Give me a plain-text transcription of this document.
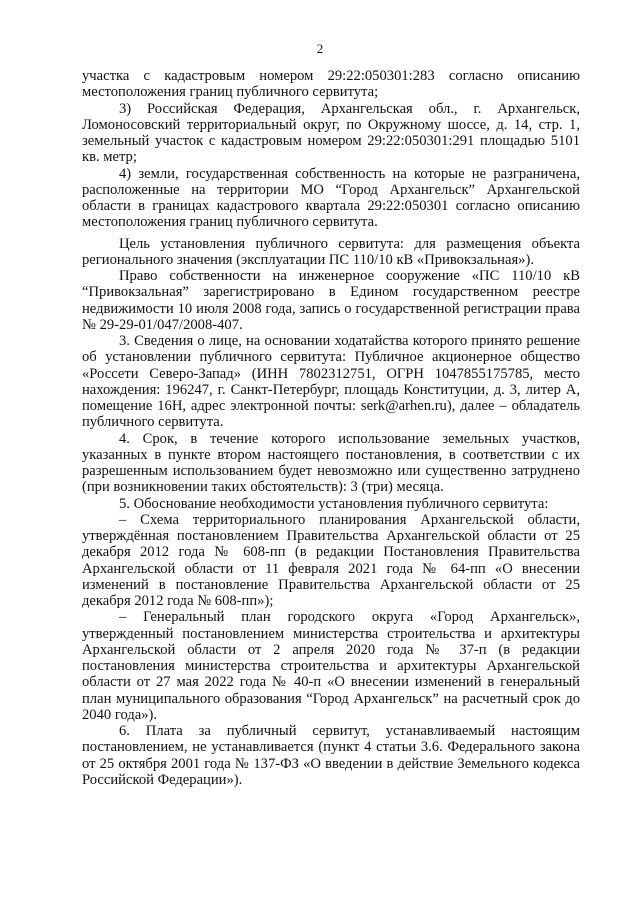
2

участка с кадастровым номером 29:22:050301:283 согласно описанию местоположения границ публичного сервитута;

3) Российская Федерация, Архангельская обл., г. Архангельск, Ломоносовский территориальный округ, по Окружному шоссе, д. 14, стр. 1, земельный участок с кадастровым номером 29:22:050301:291 площадью 5101 кв. метр;

4) земли, государственная собственность на которые не разграничена, расположенные на территории МО “Город Архангельск” Архангельской области в границах кадастрового квартала 29:22:050301 согласно описанию местоположения границ публичного сервитута.

Цель установления публичного сервитута: для размещения объекта регионального значения (эксплуатации ПС 110/10 кВ «Привокзальная»).

Право собственности на инженерное сооружение «ПС 110/10 кВ “Привокзальная” зарегистрировано в Едином государственном реестре недвижимости 10 июля 2008 года, запись о государственной регистрации права № 29-29-01/047/2008-407.

3. Сведения о лице, на основании ходатайства которого принято решение об установлении публичного сервитута: Публичное акционерное общество «Россети Северо-Запад» (ИНН 7802312751, ОГРН 1047855175785, место нахождения: 196247, г. Санкт-Петербург, площадь Конституции, д. 3, литер А, помещение 16Н, адрес электронной почты: serk@arhen.ru), далее – обладатель публичного сервитута.

4. Срок, в течение которого использование земельных участков, указанных в пункте втором настоящего постановления, в соответствии с их разрешенным использованием будет невозможно или существенно затруднено (при возникновении таких обстоятельств): 3 (три) месяца.

5. Обоснование необходимости установления публичного сервитута:

– Схема территориального планирования Архангельской области, утверждённая постановлением Правительства Архангельской области от 25 декабря 2012 года № 608-пп (в редакции Постановления Правительства Архангельской области от 11 февраля 2021 года № 64-пп «О внесении изменений в постановление Правительства Архангельской области от 25 декабря 2012 года № 608-пп»);

– Генеральный план городского округа «Город Архангельск», утвержденный постановлением министерства строительства и архитектуры Архангельской области от 2 апреля 2020 года № 37-п (в редакции постановления министерства строительства и архитектуры Архангельской области от 27 мая 2022 года № 40-п «О внесении изменений в генеральный план муниципального образования “Город Архангельск” на расчетный срок до 2040 года»).

6. Плата за публичный сервитут, устанавливаемый настоящим постановлением, не устанавливается (пункт 4 статьи 3.6. Федерального закона от 25 октября 2001 года № 137-ФЗ «О введении в действие Земельного кодекса Российской Федерации»).
